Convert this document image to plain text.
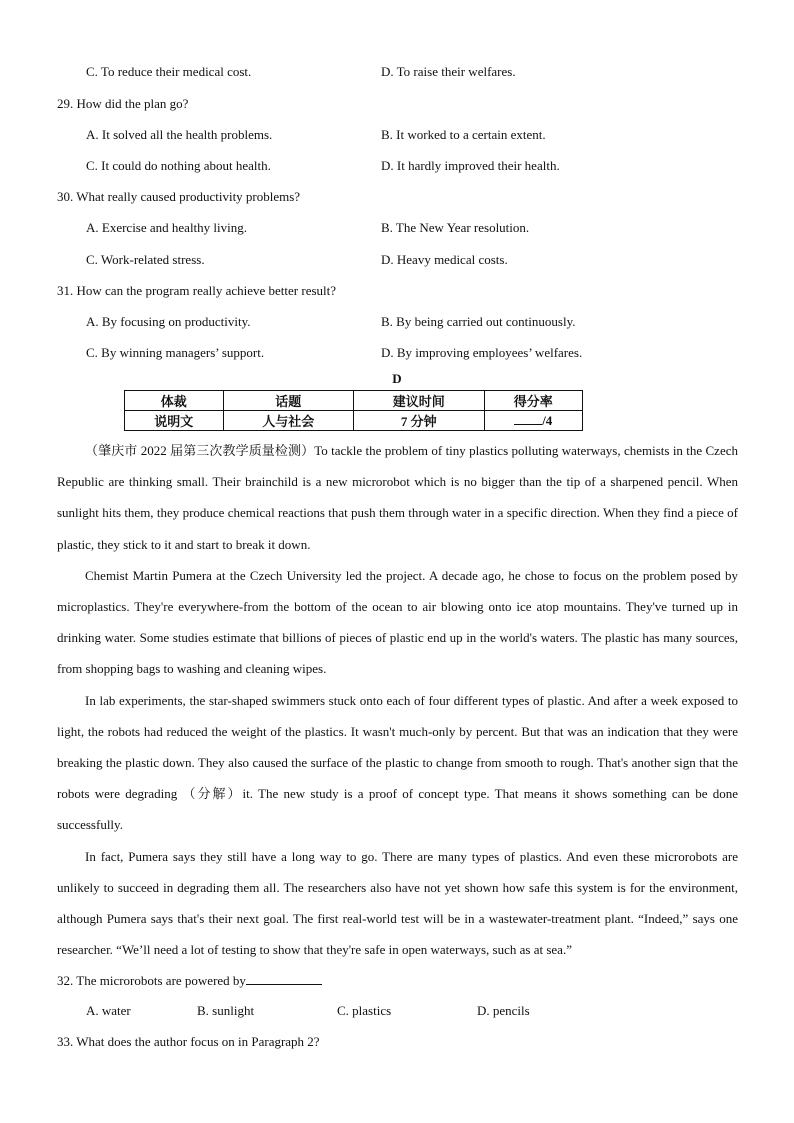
C. To reduce their medical cost.	D. To raise their welfares.
29. How did the plan go?
A. It solved all the health problems.	B. It worked to a certain extent.
C. It could do nothing about health.	D. It hardly improved their health.
30. What really caused productivity problems?
A. Exercise and healthy living.	B. The New Year resolution.
C. Work-related stress.	D. Heavy medical costs.
31. How can the program really achieve better result?
A. By focusing on productivity.	B. By being carried out continuously.
C. By winning managers’ support.	D. By improving employees’ welfares.
D
体裁	话题	建议时间	得分率
说明文	人与社会	7 分钟	/4

（肇庆市 2022 届第三次教学质量检测）To tackle the problem of tiny plastics polluting waterways, chemists in the Czech Republic are thinking small. Their brainchild is a new microrobot which is no bigger than the tip of a sharpened pencil. When sunlight hits them, they produce chemical reactions that push them through water in a specific direction. When they find a piece of plastic, they stick to it and start to break it down.

Chemist Martin Pumera at the Czech University led the project. A decade ago, he chose to focus on the problem posed by microplastics. They're everywhere-from the bottom of the ocean to air blowing onto ice atop mountains. They've turned up in drinking water. Some studies estimate that billions of pieces of plastic end up in the world's waters. The plastic has many sources, from shopping bags to washing and cleaning wipes.

In lab experiments, the star-shaped swimmers stuck onto each of four different types of plastic. And after a week exposed to light, the robots had reduced the weight of the plastics. It wasn't much-only by percent. But that was an indication that they were breaking the plastic down. They also caused the surface of the plastic to change from smooth to rough. That's another sign that the robots were degrading （分解）it. The new study is a proof of concept type. That means it shows something can be done successfully.

In fact, Pumera says they still have a long way to go. There are many types of plastics. And even these microrobots are unlikely to succeed in degrading them all. The researchers also have not yet shown how safe this system is for the environment, although Pumera says that's their next goal. The first real-world test will be in a wastewater-treatment plant. “Indeed,” says one researcher. “We’ll need a lot of testing to show that they're safe in open waterways, such as at sea.”

32. The microrobots are powered by
A. water	B. sunlight	C. plastics	D. pencils
33. What does the author focus on in Paragraph 2?
